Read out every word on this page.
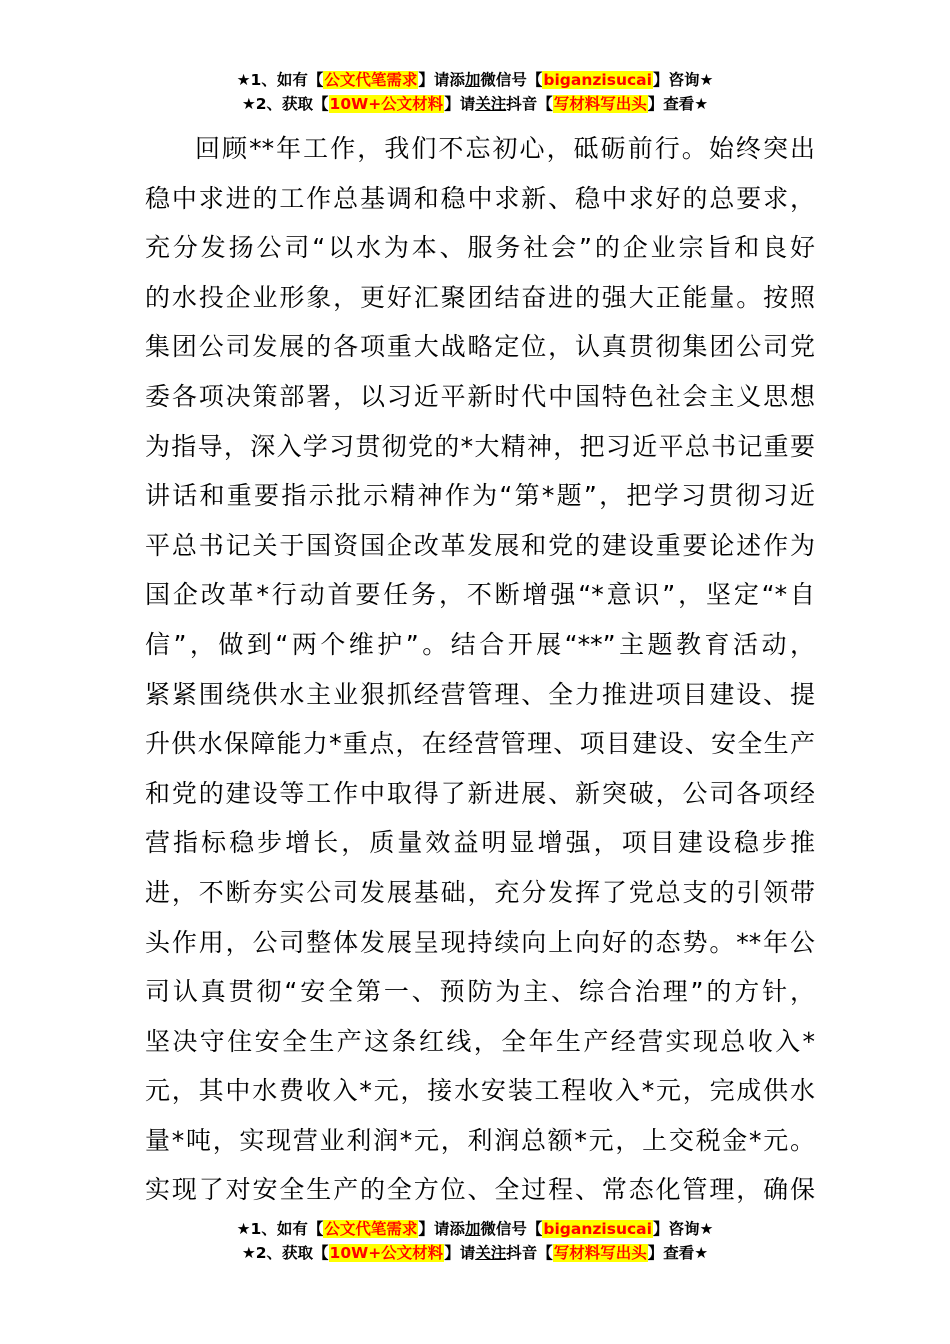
★1、如有【公文代笔需求】请添加微信号【biganzisucai】咨询★
★2、获取【10W+公文材料】请关注抖音【写材料写出头】查看★
回顾**年工作，我们不忘初心，砥砺前行。始终突出
稳中求进的工作总基调和稳中求新、稳中求好的总要求，
充分发扬公司“以水为本、服务社会”的企业宗旨和良好
的水投企业形象，更好汇聚团结奋进的强大正能量。按照
集团公司发展的各项重大战略定位，认真贯彻集团公司党
委各项决策部署，以习近平新时代中国特色社会主义思想
为指导，深入学习贯彻党的*大精神，把习近平总书记重要
讲话和重要指示批示精神作为“第*题”，把学习贯彻习近
平总书记关于国资国企改革发展和党的建设重要论述作为
国企改革*行动首要任务，不断增强“*意识”，坚定“*自
信”，做到“两个维护”。结合开展“**”主题教育活动，
紧紧围绕供水主业狠抓经营管理、全力推进项目建设、提
升供水保障能力*重点，在经营管理、项目建设、安全生产
和党的建设等工作中取得了新进展、新突破，公司各项经
营指标稳步增长，质量效益明显增强，项目建设稳步推
进，不断夯实公司发展基础，充分发挥了党总支的引领带
头作用，公司整体发展呈现持续向上向好的态势。**年公
司认真贯彻“安全第一、预防为主、综合治理”的方针，
坚决守住安全生产这条红线，全年生产经营实现总收入*
元，其中水费收入*元，接水安装工程收入*元，完成供水
量*吨，实现营业利润*元，利润总额*元，上交税金*元。
实现了对安全生产的全方位、全过程、常态化管理，确保
★1、如有【公文代笔需求】请添加微信号【biganzisucai】咨询★
★2、获取【10W+公文材料】请关注抖音【写材料写出头】查看★
